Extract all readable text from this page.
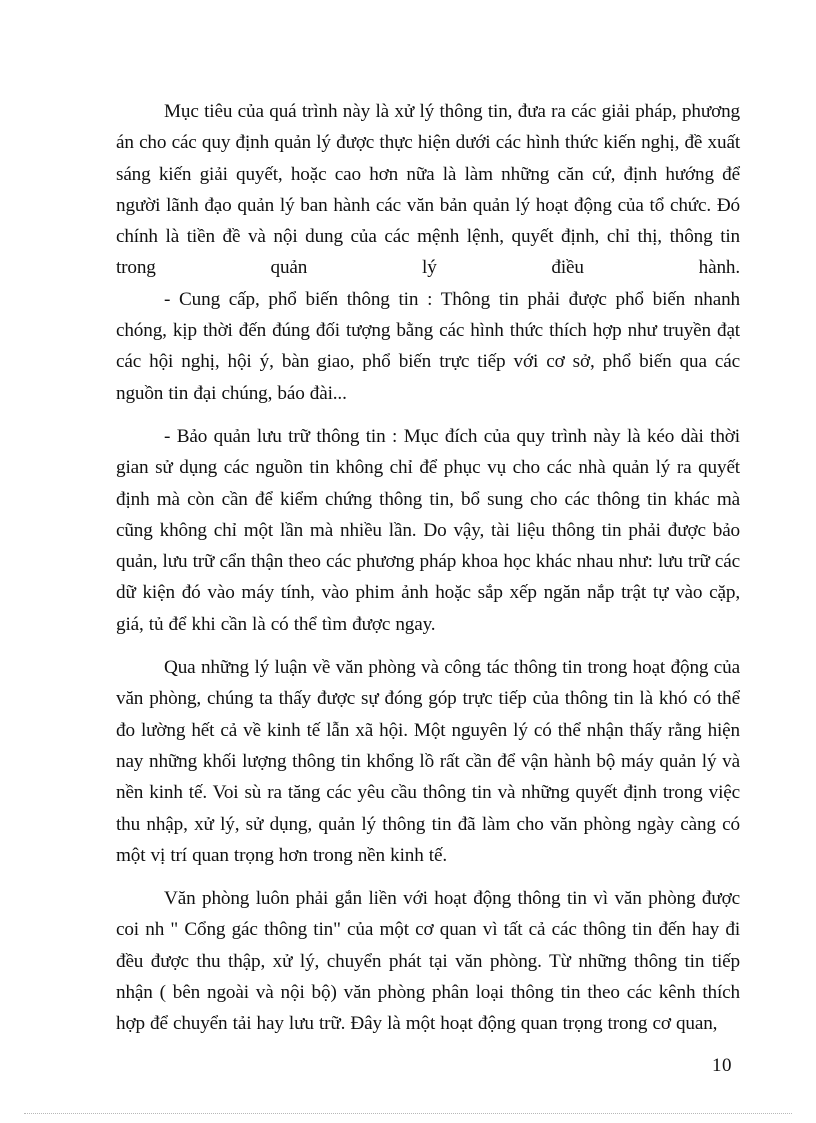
Mục tiêu của quá trình này là xử lý thông tin, đưa ra các giải pháp, phương án cho các quy định quản lý được thực hiện dưới các hình thức kiến nghị, đề xuất sáng kiến giải quyết, hoặc cao hơn nữa là làm những căn cứ, định hướng để người lãnh đạo quản lý ban hành các văn bản quản lý hoạt động của tổ chức. Đó chính là tiền đề và nội dung của các mệnh lệnh, quyết định, chỉ thị, thông tin trong quản lý điều hành.

- Cung cấp, phổ biến thông tin : Thông tin phải được phổ biến nhanh chóng, kịp thời đến đúng đối tượng bằng các hình thức thích hợp như truyền đạt các hội nghị, hội ý, bàn giao, phổ biến trực tiếp với cơ sở, phổ biến qua các nguồn tin đại chúng, báo đài...

- Bảo quản lưu trữ thông tin : Mục đích của quy trình này là kéo dài thời gian sử dụng các nguồn tin không chỉ để phục vụ cho các nhà quản lý ra quyết định mà còn cần để kiểm chứng thông tin, bổ sung cho các thông tin khác mà cũng không chỉ một lần mà nhiều lần. Do vậy, tài liệu thông tin phải được bảo quản, lưu trữ cẩn thận theo các phương pháp khoa học khác nhau như: lưu trữ các dữ kiện đó vào máy tính, vào phim ảnh hoặc sắp xếp ngăn nắp trật tự vào cặp, giá, tủ để khi cần là có thể tìm được ngay.

Qua những lý luận về văn phòng và công tác thông tin trong hoạt động của văn phòng, chúng ta thấy được sự đóng góp trực tiếp của thông tin là khó có thể đo lường hết cả về kinh tế lẫn xã hội. Một nguyên lý có thể nhận thấy rằng hiện nay những khối lượng thông tin khổng lồ rất cần để vận hành bộ máy quản lý và nền kinh tế. Voi sù ra tăng các yêu cầu thông tin và những quyết định trong việc thu nhập, xử lý, sử dụng, quản lý thông tin đã làm cho văn phòng ngày càng có một vị trí quan trọng hơn trong nền kinh tế.

Văn phòng luôn phải gắn liền với hoạt động thông tin vì văn phòng được coi nh " Cổng gác thông tin" của một cơ quan vì tất cả các thông tin đến hay đi đều được thu thập, xử lý, chuyển phát tại văn phòng. Từ những thông tin tiếp nhận ( bên ngoài và nội bộ) văn phòng phân loại thông tin theo các kênh thích hợp để chuyển tải hay lưu trữ. Đây là một hoạt động quan trọng trong cơ quan,

10
